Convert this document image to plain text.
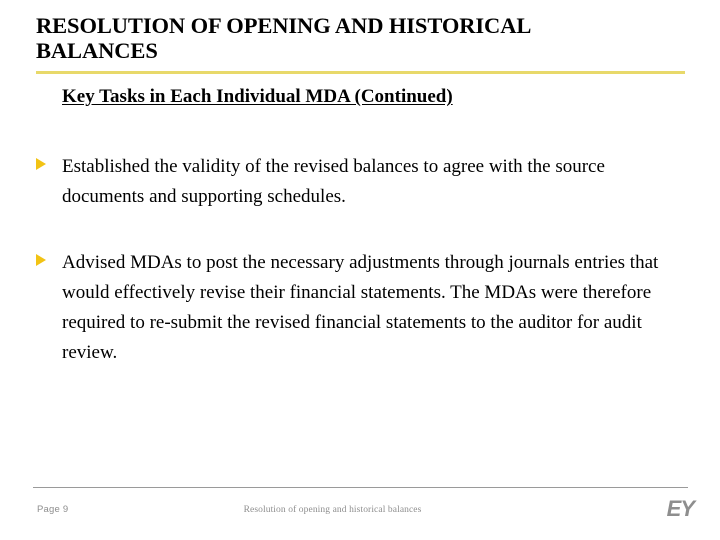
RESOLUTION OF OPENING AND HISTORICAL BALANCES
Key Tasks in Each Individual MDA (Continued)
Established the validity of the revised balances to agree with the source documents and supporting schedules.
Advised MDAs to post the necessary adjustments through journals entries that would effectively revise their financial statements. The MDAs were therefore required to re-submit the revised financial statements to the auditor for audit review.
Page 9	Resolution of opening and historical balances	EY
